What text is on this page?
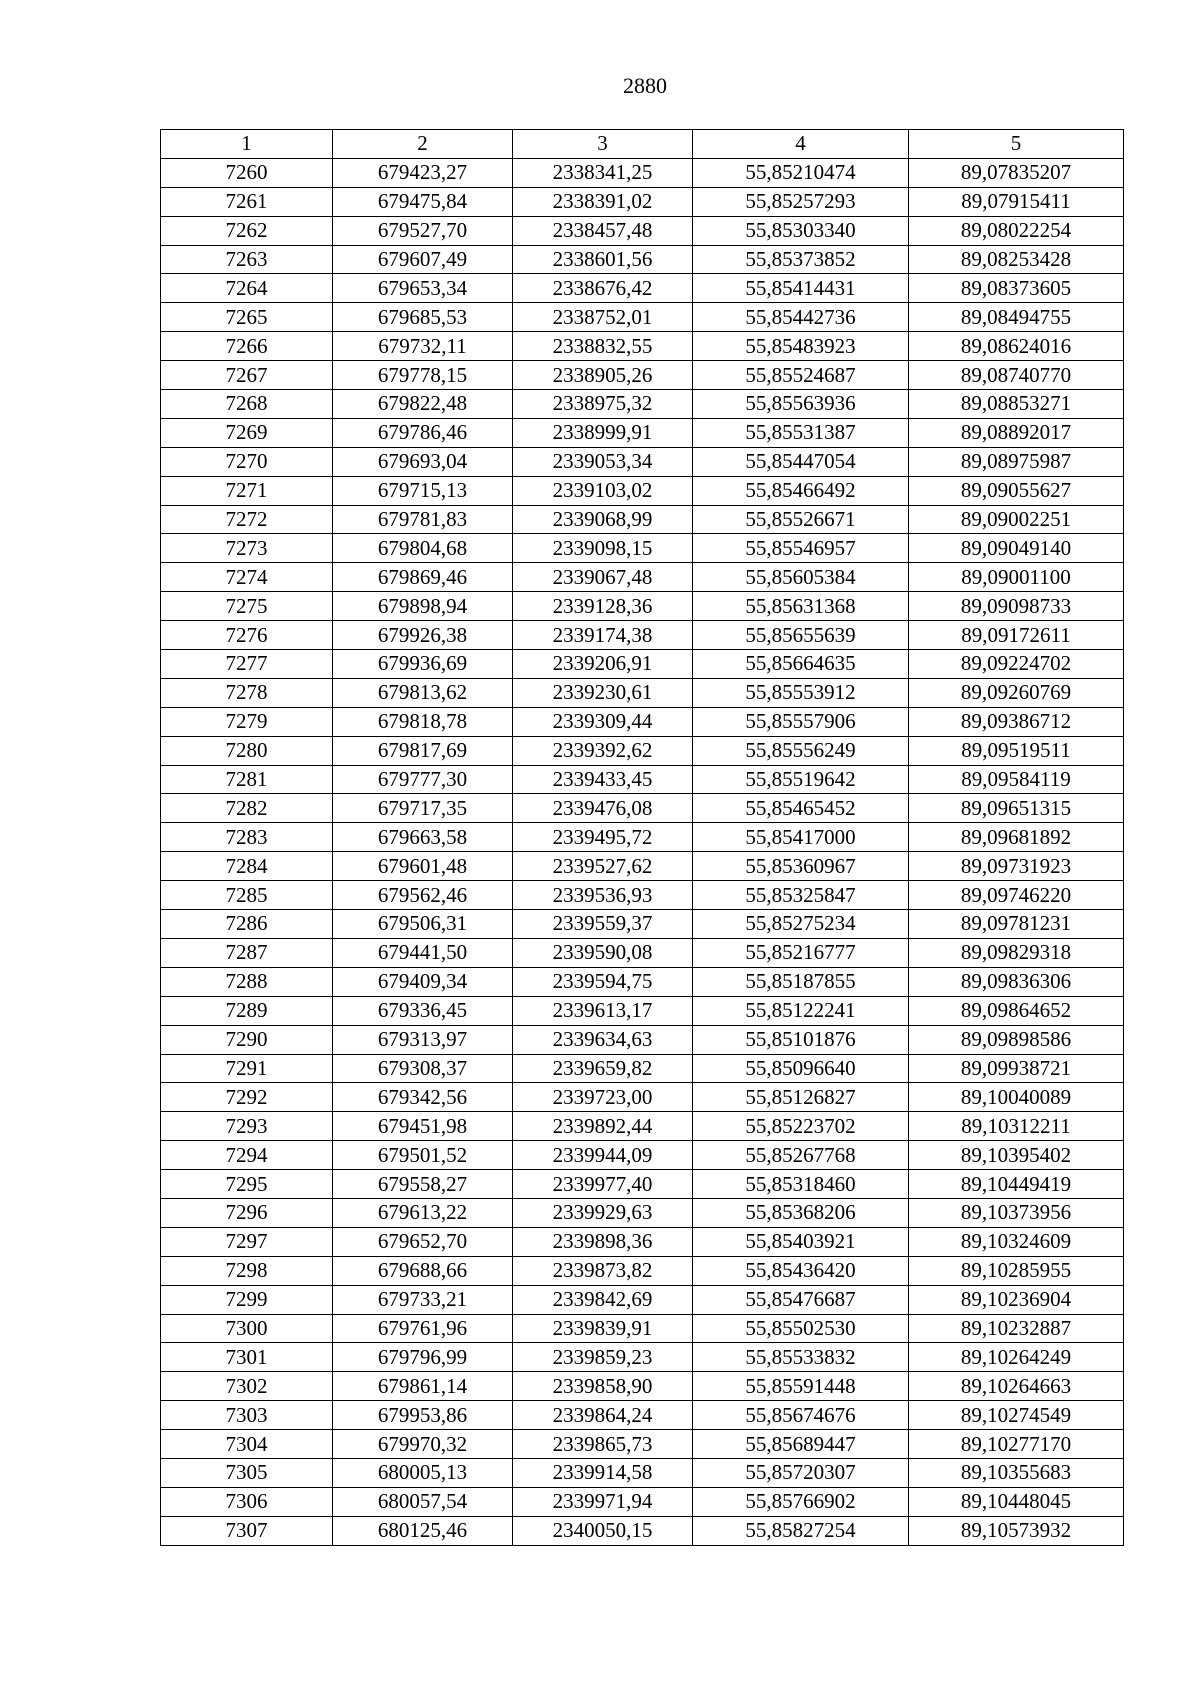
2880
1	2	3	4	5
7260	679423,27	2338341,25	55,85210474	89,07835207
7261	679475,84	2338391,02	55,85257293	89,07915411
7262	679527,70	2338457,48	55,85303340	89,08022254
7263	679607,49	2338601,56	55,85373852	89,08253428
7264	679653,34	2338676,42	55,85414431	89,08373605
7265	679685,53	2338752,01	55,85442736	89,08494755
7266	679732,11	2338832,55	55,85483923	89,08624016
7267	679778,15	2338905,26	55,85524687	89,08740770
7268	679822,48	2338975,32	55,85563936	89,08853271
7269	679786,46	2338999,91	55,85531387	89,08892017
7270	679693,04	2339053,34	55,85447054	89,08975987
7271	679715,13	2339103,02	55,85466492	89,09055627
7272	679781,83	2339068,99	55,85526671	89,09002251
7273	679804,68	2339098,15	55,85546957	89,09049140
7274	679869,46	2339067,48	55,85605384	89,09001100
7275	679898,94	2339128,36	55,85631368	89,09098733
7276	679926,38	2339174,38	55,85655639	89,09172611
7277	679936,69	2339206,91	55,85664635	89,09224702
7278	679813,62	2339230,61	55,85553912	89,09260769
7279	679818,78	2339309,44	55,85557906	89,09386712
7280	679817,69	2339392,62	55,85556249	89,09519511
7281	679777,30	2339433,45	55,85519642	89,09584119
7282	679717,35	2339476,08	55,85465452	89,09651315
7283	679663,58	2339495,72	55,85417000	89,09681892
7284	679601,48	2339527,62	55,85360967	89,09731923
7285	679562,46	2339536,93	55,85325847	89,09746220
7286	679506,31	2339559,37	55,85275234	89,09781231
7287	679441,50	2339590,08	55,85216777	89,09829318
7288	679409,34	2339594,75	55,85187855	89,09836306
7289	679336,45	2339613,17	55,85122241	89,09864652
7290	679313,97	2339634,63	55,85101876	89,09898586
7291	679308,37	2339659,82	55,85096640	89,09938721
7292	679342,56	2339723,00	55,85126827	89,10040089
7293	679451,98	2339892,44	55,85223702	89,10312211
7294	679501,52	2339944,09	55,85267768	89,10395402
7295	679558,27	2339977,40	55,85318460	89,10449419
7296	679613,22	2339929,63	55,85368206	89,10373956
7297	679652,70	2339898,36	55,85403921	89,10324609
7298	679688,66	2339873,82	55,85436420	89,10285955
7299	679733,21	2339842,69	55,85476687	89,10236904
7300	679761,96	2339839,91	55,85502530	89,10232887
7301	679796,99	2339859,23	55,85533832	89,10264249
7302	679861,14	2339858,90	55,85591448	89,10264663
7303	679953,86	2339864,24	55,85674676	89,10274549
7304	679970,32	2339865,73	55,85689447	89,10277170
7305	680005,13	2339914,58	55,85720307	89,10355683
7306	680057,54	2339971,94	55,85766902	89,10448045
7307	680125,46	2340050,15	55,85827254	89,10573932
